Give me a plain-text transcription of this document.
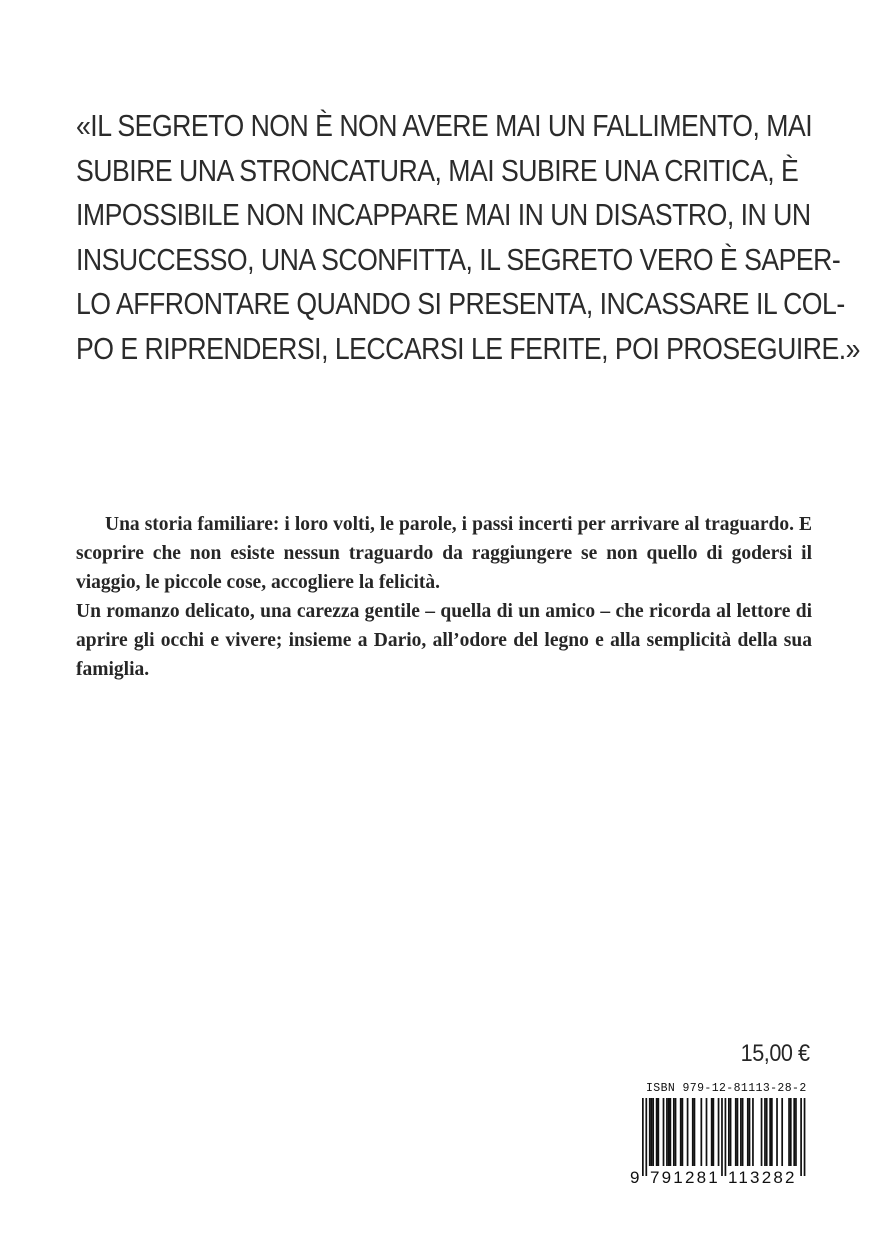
«IL SEGRETO NON È NON AVERE MAI UN FALLIMENTO, MAI
SUBIRE UNA STRONCATURA, MAI SUBIRE UNA CRITICA, È
IMPOSSIBILE NON INCAPPARE MAI IN UN DISASTRO, IN UN
INSUCCESSO, UNA SCONFITTA, IL SEGRETO VERO È SAPER-
LO AFFRONTARE QUANDO SI PRESENTA, INCASSARE IL COL-
PO E RIPRENDERSI, LECCARSI LE FERITE, POI PROSEGUIRE.»

Una storia familiare: i loro volti, le parole, i passi incerti per arrivare al traguardo. E scoprire che non esiste nessun traguardo da raggiungere se non quello di godersi il viaggio, le piccole cose, accogliere la felicità.

Un romanzo delicato, una carezza gentile – quella di un amico – che ricorda al lettore di aprire gli occhi e vivere; insieme a Dario, all’odore del legno e alla semplicità della sua famiglia.

15,00 €
ISBN 979-12-81113-28-2
9 791281 113282
